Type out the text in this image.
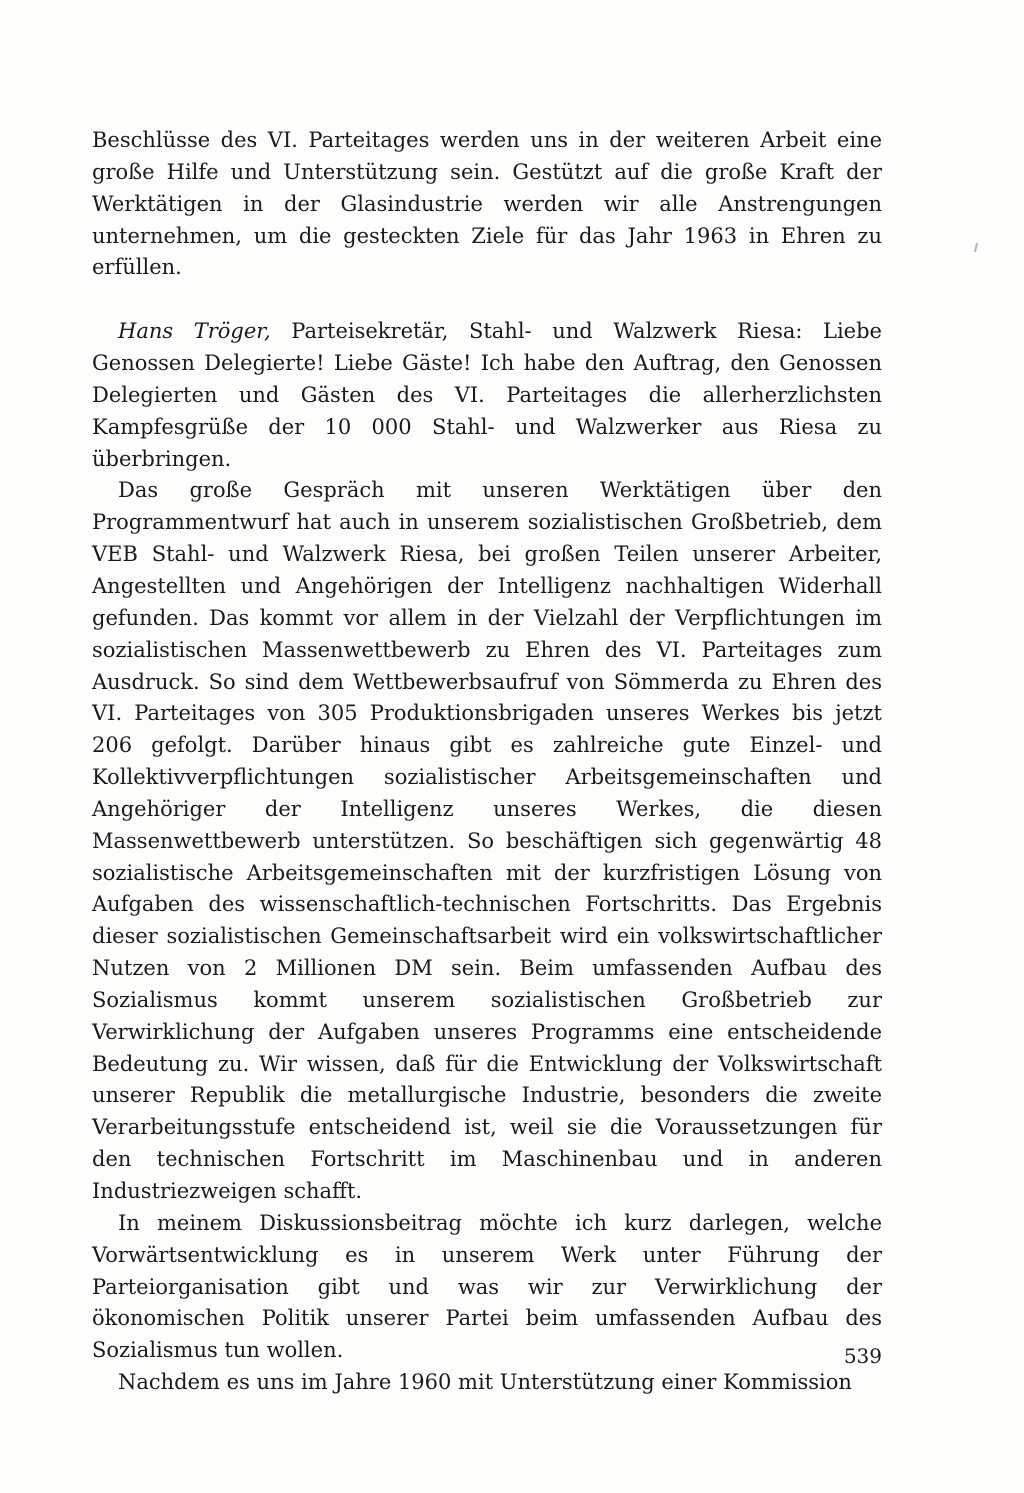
Beschlüsse des VI. Parteitages werden uns in der weiteren Arbeit eine große Hilfe und Unterstützung sein. Gestützt auf die große Kraft der Werktätigen in der Glasindustrie werden wir alle Anstrengungen unternehmen, um die gesteckten Ziele für das Jahr 1963 in Ehren zu erfüllen.

Hans Tröger, Parteisekretär, Stahl- und Walzwerk Riesa: Liebe Genossen Delegierte! Liebe Gäste! Ich habe den Auftrag, den Genossen Delegierten und Gästen des VI. Parteitages die allerherzlichsten Kampfesgrüße der 10 000 Stahl- und Walzwerker aus Riesa zu überbringen.

Das große Gespräch mit unseren Werktätigen über den Programmentwurf hat auch in unserem sozialistischen Großbetrieb, dem VEB Stahl- und Walzwerk Riesa, bei großen Teilen unserer Arbeiter, Angestellten und Angehörigen der Intelligenz nachhaltigen Widerhall gefunden. Das kommt vor allem in der Vielzahl der Verpflichtungen im sozialistischen Massenwettbewerb zu Ehren des VI. Parteitages zum Ausdruck. So sind dem Wettbewerbsaufruf von Sömmerda zu Ehren des VI. Parteitages von 305 Produktionsbrigaden unseres Werkes bis jetzt 206 gefolgt. Darüber hinaus gibt es zahlreiche gute Einzel- und Kollektivverpflichtungen sozialistischer Arbeitsgemeinschaften und Angehöriger der Intelligenz unseres Werkes, die diesen Massenwettbewerb unterstützen. So beschäftigen sich gegenwärtig 48 sozialistische Arbeitsgemeinschaften mit der kurzfristigen Lösung von Aufgaben des wissenschaftlich-technischen Fortschritts. Das Ergebnis dieser sozialistischen Gemeinschaftsarbeit wird ein volkswirtschaftlicher Nutzen von 2 Millionen DM sein. Beim umfassenden Aufbau des Sozialismus kommt unserem sozialistischen Großbetrieb zur Verwirklichung der Aufgaben unseres Programms eine entscheidende Bedeutung zu. Wir wissen, daß für die Entwicklung der Volkswirtschaft unserer Republik die metallurgische Industrie, besonders die zweite Verarbeitungsstufe entscheidend ist, weil sie die Voraussetzungen für den technischen Fortschritt im Maschinenbau und in anderen Industriezweigen schafft.

In meinem Diskussionsbeitrag möchte ich kurz darlegen, welche Vorwärtsentwicklung es in unserem Werk unter Führung der Parteiorganisation gibt und was wir zur Verwirklichung der ökonomischen Politik unserer Partei beim umfassenden Aufbau des Sozialismus tun wollen.

Nachdem es uns im Jahre 1960 mit Unterstützung einer Kommission

539
